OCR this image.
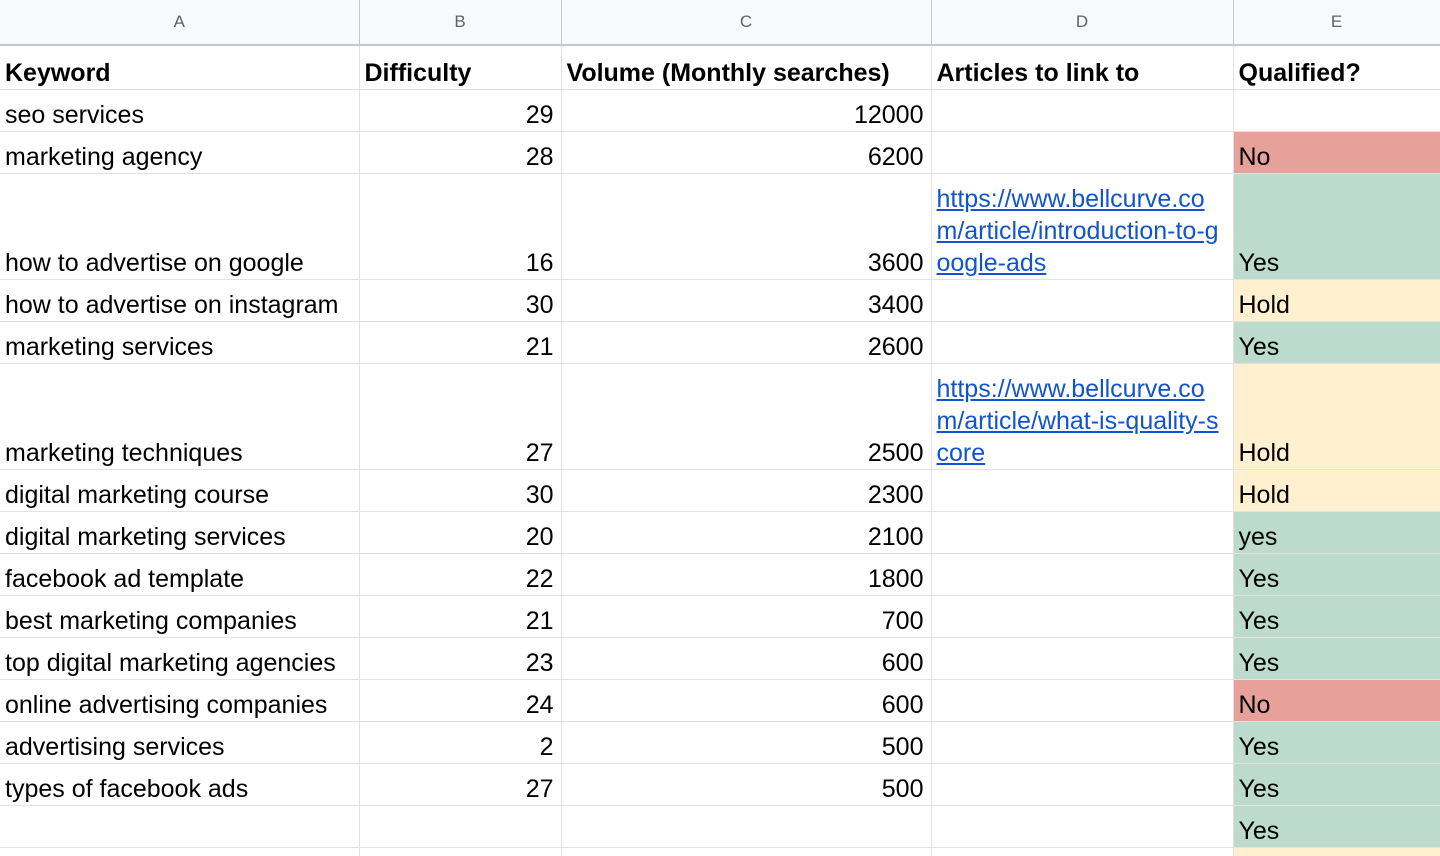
A	B	C	D	E
Keyword	Difficulty	Volume (Monthly searches)	Articles to link to	Qualified?
seo services	29	12000		
marketing agency	28	6200		No
how to advertise on google	16	3600	https://www.bellcurve.com/article/introduction-to-google-ads	Yes
how to advertise on instagram	30	3400		Hold
marketing services	21	2600		Yes
marketing techniques	27	2500	https://www.bellcurve.com/article/what-is-quality-score	Hold
digital marketing course	30	2300		Hold
digital marketing services	20	2100		yes
facebook ad template	22	1800		Yes
best marketing companies	21	700		Yes
top digital marketing agencies	23	600		Yes
online advertising companies	24	600		No
advertising services	2	500		Yes
types of facebook ads	27	500		Yes
				Yes
